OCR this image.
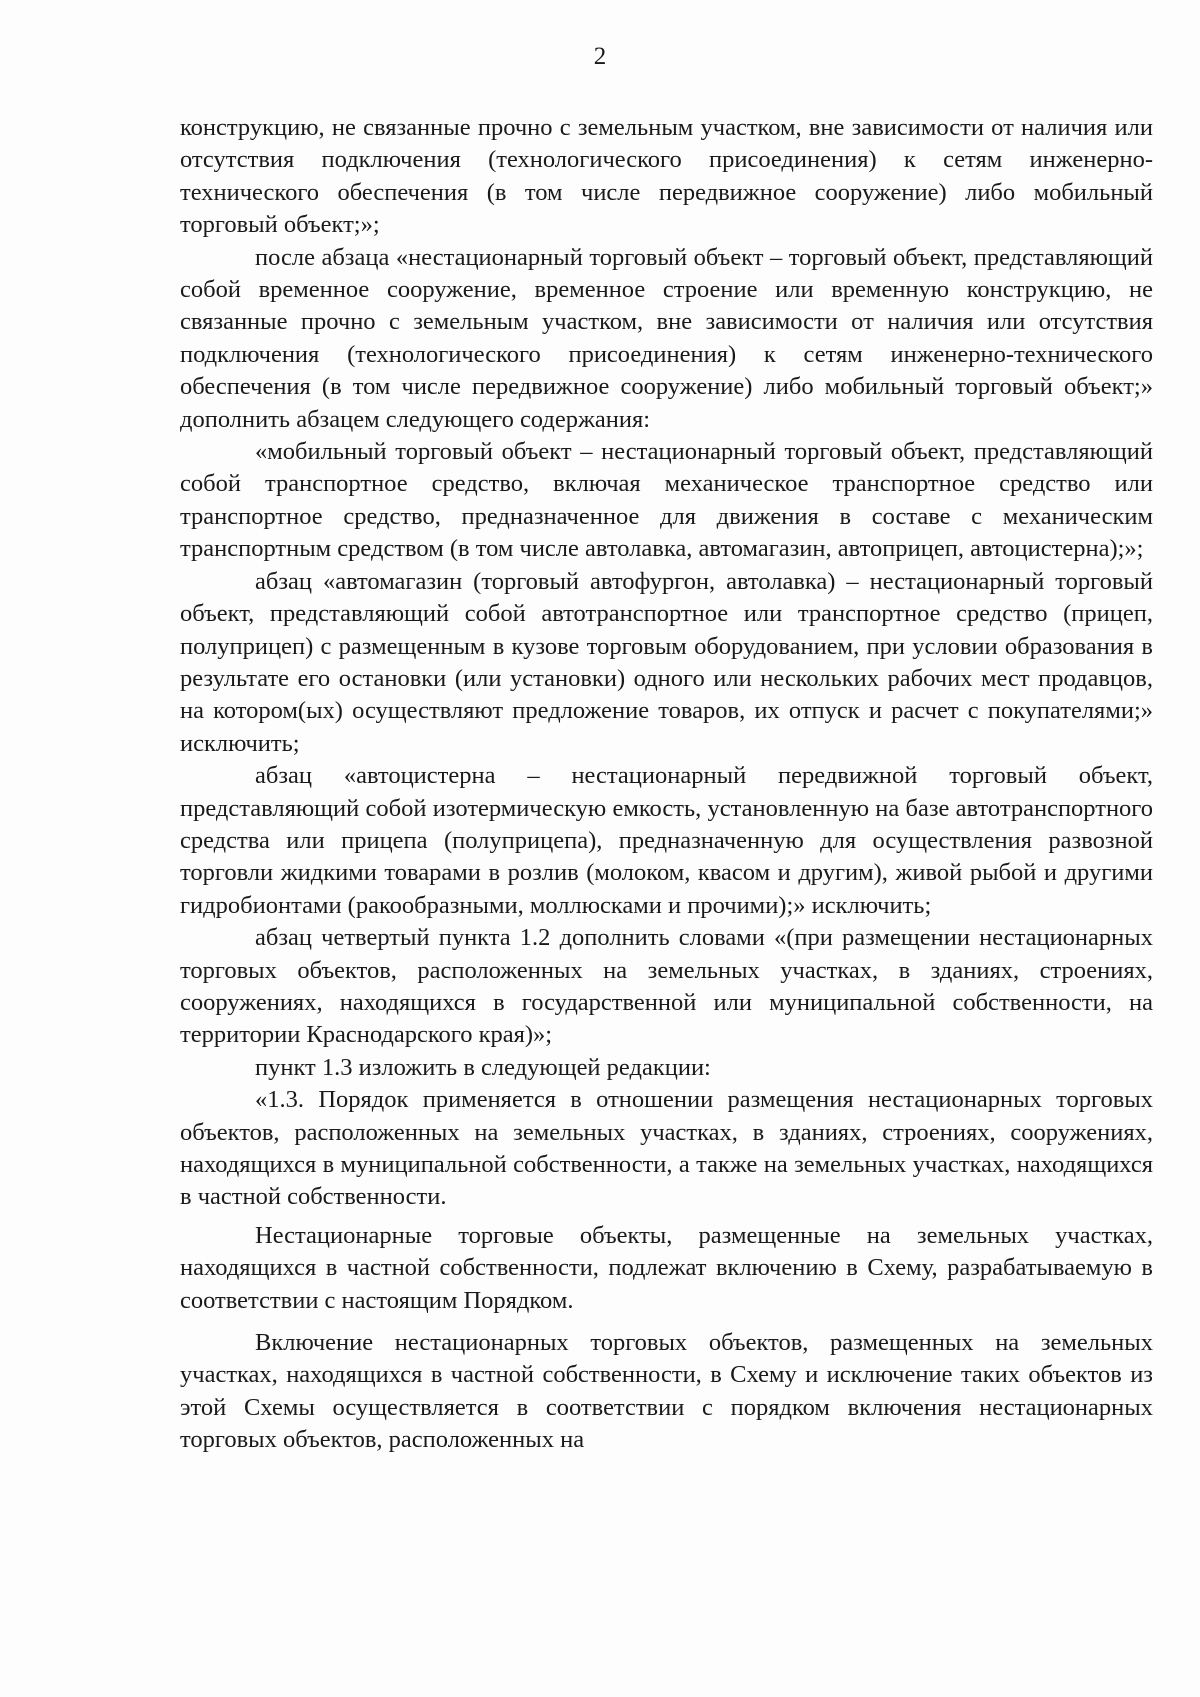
2

конструкцию, не связанные прочно с земельным участком, вне зависимости от наличия или отсутствия подключения (технологического присоединения) к сетям инженерно-технического обеспечения (в том числе передвижное сооружение) либо мобильный торговый объект;»;

после абзаца «нестационарный торговый объект – торговый объект, представляющий собой временное сооружение, временное строение или временную конструкцию, не связанные прочно с земельным участком, вне зависимости от наличия или отсутствия подключения (технологического присоединения) к сетям инженерно-технического обеспечения (в том числе передвижное сооружение) либо мобильный торговый объект;» дополнить абзацем следующего содержания:

«мобильный торговый объект – нестационарный торговый объект, представляющий собой транспортное средство, включая механическое транспортное средство или транспортное средство, предназначенное для движения в составе с механическим транспортным средством (в том числе автолавка, автомагазин, автоприцеп, автоцистерна);»;

абзац «автомагазин (торговый автофургон, автолавка) – нестационарный торговый объект, представляющий собой автотранспортное или транспортное средство (прицеп, полуприцеп) с размещенным в кузове торговым оборудованием, при условии образования в результате его остановки (или установки) одного или нескольких рабочих мест продавцов, на котором(ых) осуществляют предложение товаров, их отпуск и расчет с покупателями;» исключить;

абзац «автоцистерна – нестационарный передвижной торговый объект, представляющий собой изотермическую емкость, установленную на базе автотранспортного средства или прицепа (полуприцепа), предназначенную для осуществления развозной торговли жидкими товарами в розлив (молоком, квасом и другим), живой рыбой и другими гидробионтами (ракообразными, моллюсками и прочими);» исключить;

абзац четвертый пункта 1.2 дополнить словами «(при размещении нестационарных торговых объектов, расположенных на земельных участках, в зданиях, строениях, сооружениях, находящихся в государственной или муниципальной собственности, на территории Краснодарского края)»;

пункт 1.3 изложить в следующей редакции:

«1.3. Порядок применяется в отношении размещения нестационарных торговых объектов, расположенных на земельных участках, в зданиях, строениях, сооружениях, находящихся в муниципальной собственности, а также на земельных участках, находящихся в частной собственности.

Нестационарные торговые объекты, размещенные на земельных участках, находящихся в частной собственности, подлежат включению в Схему, разрабатываемую в соответствии с настоящим Порядком.

Включение нестационарных торговых объектов, размещенных на земельных участках, находящихся в частной собственности, в Схему и исключение таких объектов из этой Схемы осуществляется в соответствии с порядком включения нестационарных торговых объектов, расположенных на
